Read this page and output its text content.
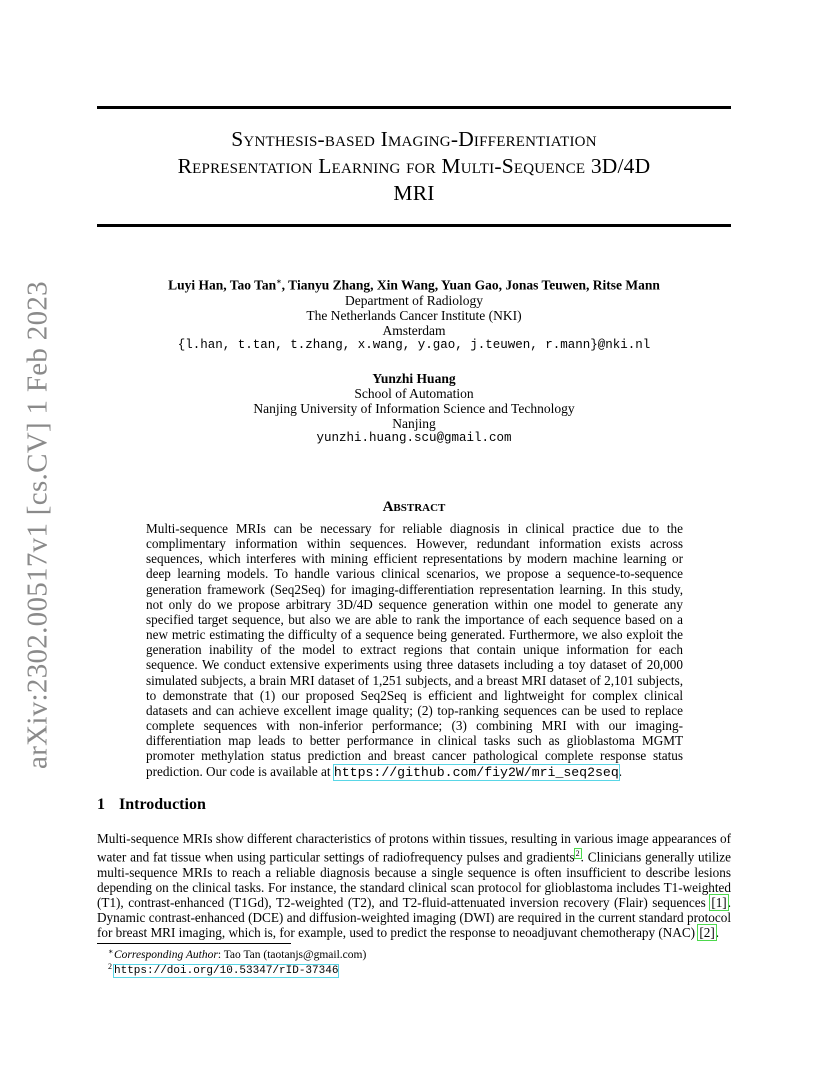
arXiv:2302.00517v1 [cs.CV] 1 Feb 2023
Synthesis-based Imaging-Differentiation
Representation Learning for Multi-Sequence 3D/4D
MRI
Luyi Han, Tao Tan∗, Tianyu Zhang, Xin Wang, Yuan Gao, Jonas Teuwen, Ritse Mann
Department of Radiology
The Netherlands Cancer Institute (NKI)
Amsterdam
{l.han, t.tan, t.zhang, x.wang, y.gao, j.teuwen, r.mann}@nki.nl
Yunzhi Huang
School of Automation
Nanjing University of Information Science and Technology
Nanjing
yunzhi.huang.scu@gmail.com
Abstract
Multi-sequence MRIs can be necessary for reliable diagnosis in clinical practice due to the complimentary information within sequences. However, redundant information exists across sequences, which interferes with mining efficient representations by modern machine learning or deep learning models. To handle various clinical scenarios, we propose a sequence-to-sequence generation framework (Seq2Seq) for imaging-differentiation representation learning. In this study, not only do we propose arbitrary 3D/4D sequence generation within one model to generate any specified target sequence, but also we are able to rank the importance of each sequence based on a new metric estimating the difficulty of a sequence being generated. Furthermore, we also exploit the generation inability of the model to extract regions that contain unique information for each sequence. We conduct extensive experiments using three datasets including a toy dataset of 20,000 simulated subjects, a brain MRI dataset of 1,251 subjects, and a breast MRI dataset of 2,101 subjects, to demonstrate that (1) our proposed Seq2Seq is efficient and lightweight for complex clinical datasets and can achieve excellent image quality; (2) top-ranking sequences can be used to replace complete sequences with non-inferior performance; (3) combining MRI with our imaging-differentiation map leads to better performance in clinical tasks such as glioblastoma MGMT promoter methylation status prediction and breast cancer pathological complete response status prediction. Our code is available at https://github.com/fiy2W/mri_seq2seq.
1 Introduction
Multi-sequence MRIs show different characteristics of protons within tissues, resulting in various image appearances of water and fat tissue when using particular settings of radiofrequency pulses and gradients$^2$. Clinicians generally utilize multi-sequence MRIs to reach a reliable diagnosis because a single sequence is often insufficient to describe lesions depending on the clinical tasks. For instance, the standard clinical scan protocol for glioblastoma includes T1-weighted (T1), contrast-enhanced (T1Gd), T2-weighted (T2), and T2-fluid-attenuated inversion recovery (Flair) sequences [1]. Dynamic contrast-enhanced (DCE) and diffusion-weighted imaging (DWI) are required in the current standard protocol for breast MRI imaging, which is, for example, used to predict the response to neoadjuvant chemotherapy (NAC) [2].
∗ Corresponding Author: Tao Tan (taotanjs@gmail.com)
2 https://doi.org/10.53347/rID-37346
